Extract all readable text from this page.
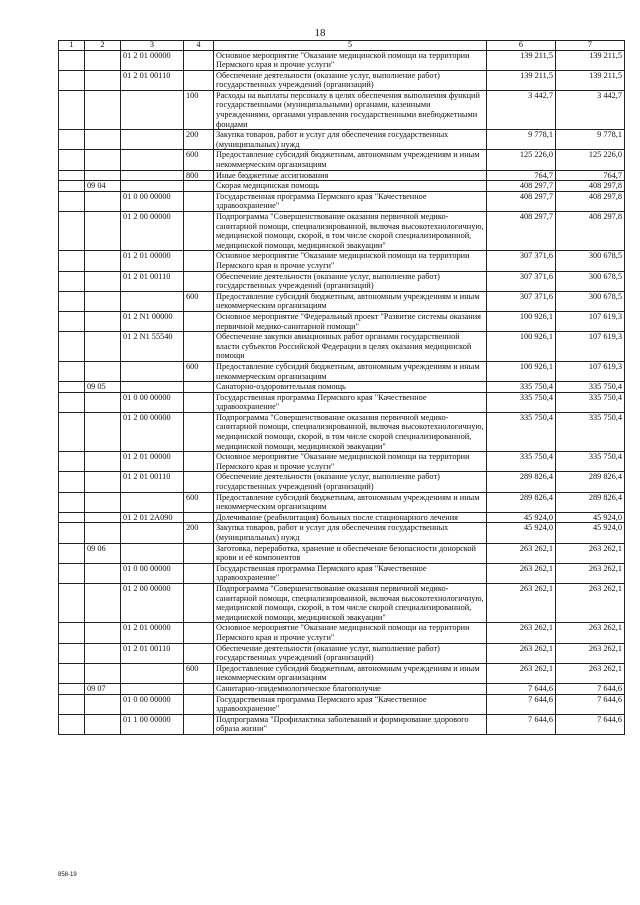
18
1	2	3	4	5	6	7
		01 2 01 00000		Основное мероприятие "Оказание медицинской помощи на территории Пермского края и прочие услуги"	139 211,5	139 211,5
		01 2 01 00110		Обеспечение деятельности (оказание услуг, выполнение работ) государственных учреждений (организаций)	139 211,5	139 211,5
			100	Расходы на выплаты персоналу в целях обеспечения выполнения функций государственными (муниципальными) органами, казенными учреждениями, органами управления государственными внебюджетными фондами	3 442,7	3 442,7
			200	Закупка товаров, работ и услуг для обеспечения государственных (муниципальных) нужд	9 778,1	9 778,1
			600	Предоставление субсидий бюджетным, автономным учреждениям и иным некоммерческим организациям	125 226,0	125 226,0
			800	Иные бюджетные ассигнования	764,7	764,7
	09 04			Скорая медицинская помощь	408 297,7	408 297,8
		01 0 00 00000		Государственная программа Пермского края "Качественное здравоохранение"	408 297,7	408 297,8
		01 2 00 00000		Подпрограмма "Совершенствование оказания первичной медико-санитарной помощи, специализированной, включая высокотехнологичную, медицинской помощи, скорой, в том числе скорой специализированной, медицинской помощи, медицинской эвакуации"	408 297,7	408 297,8
		01 2 01 00000		Основное мероприятие "Оказание медицинской помощи на территории Пермского края и прочие услуги"	307 371,6	300 678,5
		01 2 01 00110		Обеспечение деятельности (оказание услуг, выполнение работ) государственных учреждений (организаций)	307 371,6	300 678,5
			600	Предоставление субсидий бюджетным, автономным учреждениям и иным некоммерческим организациям	307 371,6	300 678,5
		01 2 N1 00000		Основное мероприятие "Федеральный проект "Развитие системы оказания первичной медико-санитарной помощи"	100 926,1	107 619,3
		01 2 N1 55540		Обеспечение закупки авиационных работ органами государственной власти субъектов Российской Федерации в целях оказания медицинской помощи	100 926,1	107 619,3
			600	Предоставление субсидий бюджетным, автономным учреждениям и иным некоммерческим организациям	100 926,1	107 619,3
	09 05			Санаторно-оздоровительная помощь	335 750,4	335 750,4
		01 0 00 00000		Государственная программа Пермского края "Качественное здравоохранение"	335 750,4	335 750,4
		01 2 00 00000		Подпрограмма "Совершенствование оказания первичной медико-санитарной помощи, специализированной, включая высокотехнологичную, медицинской помощи, скорой, в том числе скорой специализированной, медицинской помощи, медицинской эвакуации"	335 750,4	335 750,4
		01 2 01 00000		Основное мероприятие "Оказание медицинской помощи на территории Пермского края и прочие услуги"	335 750,4	335 750,4
		01 2 01 00110		Обеспечение деятельности (оказание услуг, выполнение работ) государственных учреждений (организаций)	289 826,4	289 826,4
			600	Предоставление субсидий бюджетным, автономным учреждениям и иным некоммерческим организациям	289 826,4	289 826,4
		01 2 01 2А090		Долечивание (реабилитация) больных после стационарного лечения	45 924,0	45 924,0
			200	Закупка товаров, работ и услуг для обеспечения государственных (муниципальных) нужд	45 924,0	45 924,0
	09 06			Заготовка, переработка, хранение и обеспечение безопасности донорской крови и её компонентов	263 262,1	263 262,1
		01 0 00 00000		Государственная программа Пермского края "Качественное здравоохранение"	263 262,1	263 262,1
		01 2 00 00000		Подпрограмма "Совершенствование оказания первичной медико-санитарной помощи, специализированной, включая высокотехнологичную, медицинской помощи, скорой, в том числе скорой специализированной, медицинской помощи, медицинской эвакуации"	263 262,1	263 262,1
		01 2 01 00000		Основное мероприятие "Оказание медицинской помощи на территории Пермского края и прочие услуги"	263 262,1	263 262,1
		01 2 01 00110		Обеспечение деятельности (оказание услуг, выполнение работ) государственных учреждений (организаций)	263 262,1	263 262,1
			600	Предоставление субсидий бюджетным, автономным учреждениям и иным некоммерческим организациям	263 262,1	263 262,1
	09 07			Санитарно-эпидемиологическое благополучие	7 644,6	7 644,6
		01 0 00 00000		Государственная программа Пермского края "Качественное здравоохранение"	7 644,6	7 644,6
		01 1 00 00000		Подпрограмма "Профилактика заболеваний и формирование здорового образа жизни"	7 644,6	7 644,6
858-19
